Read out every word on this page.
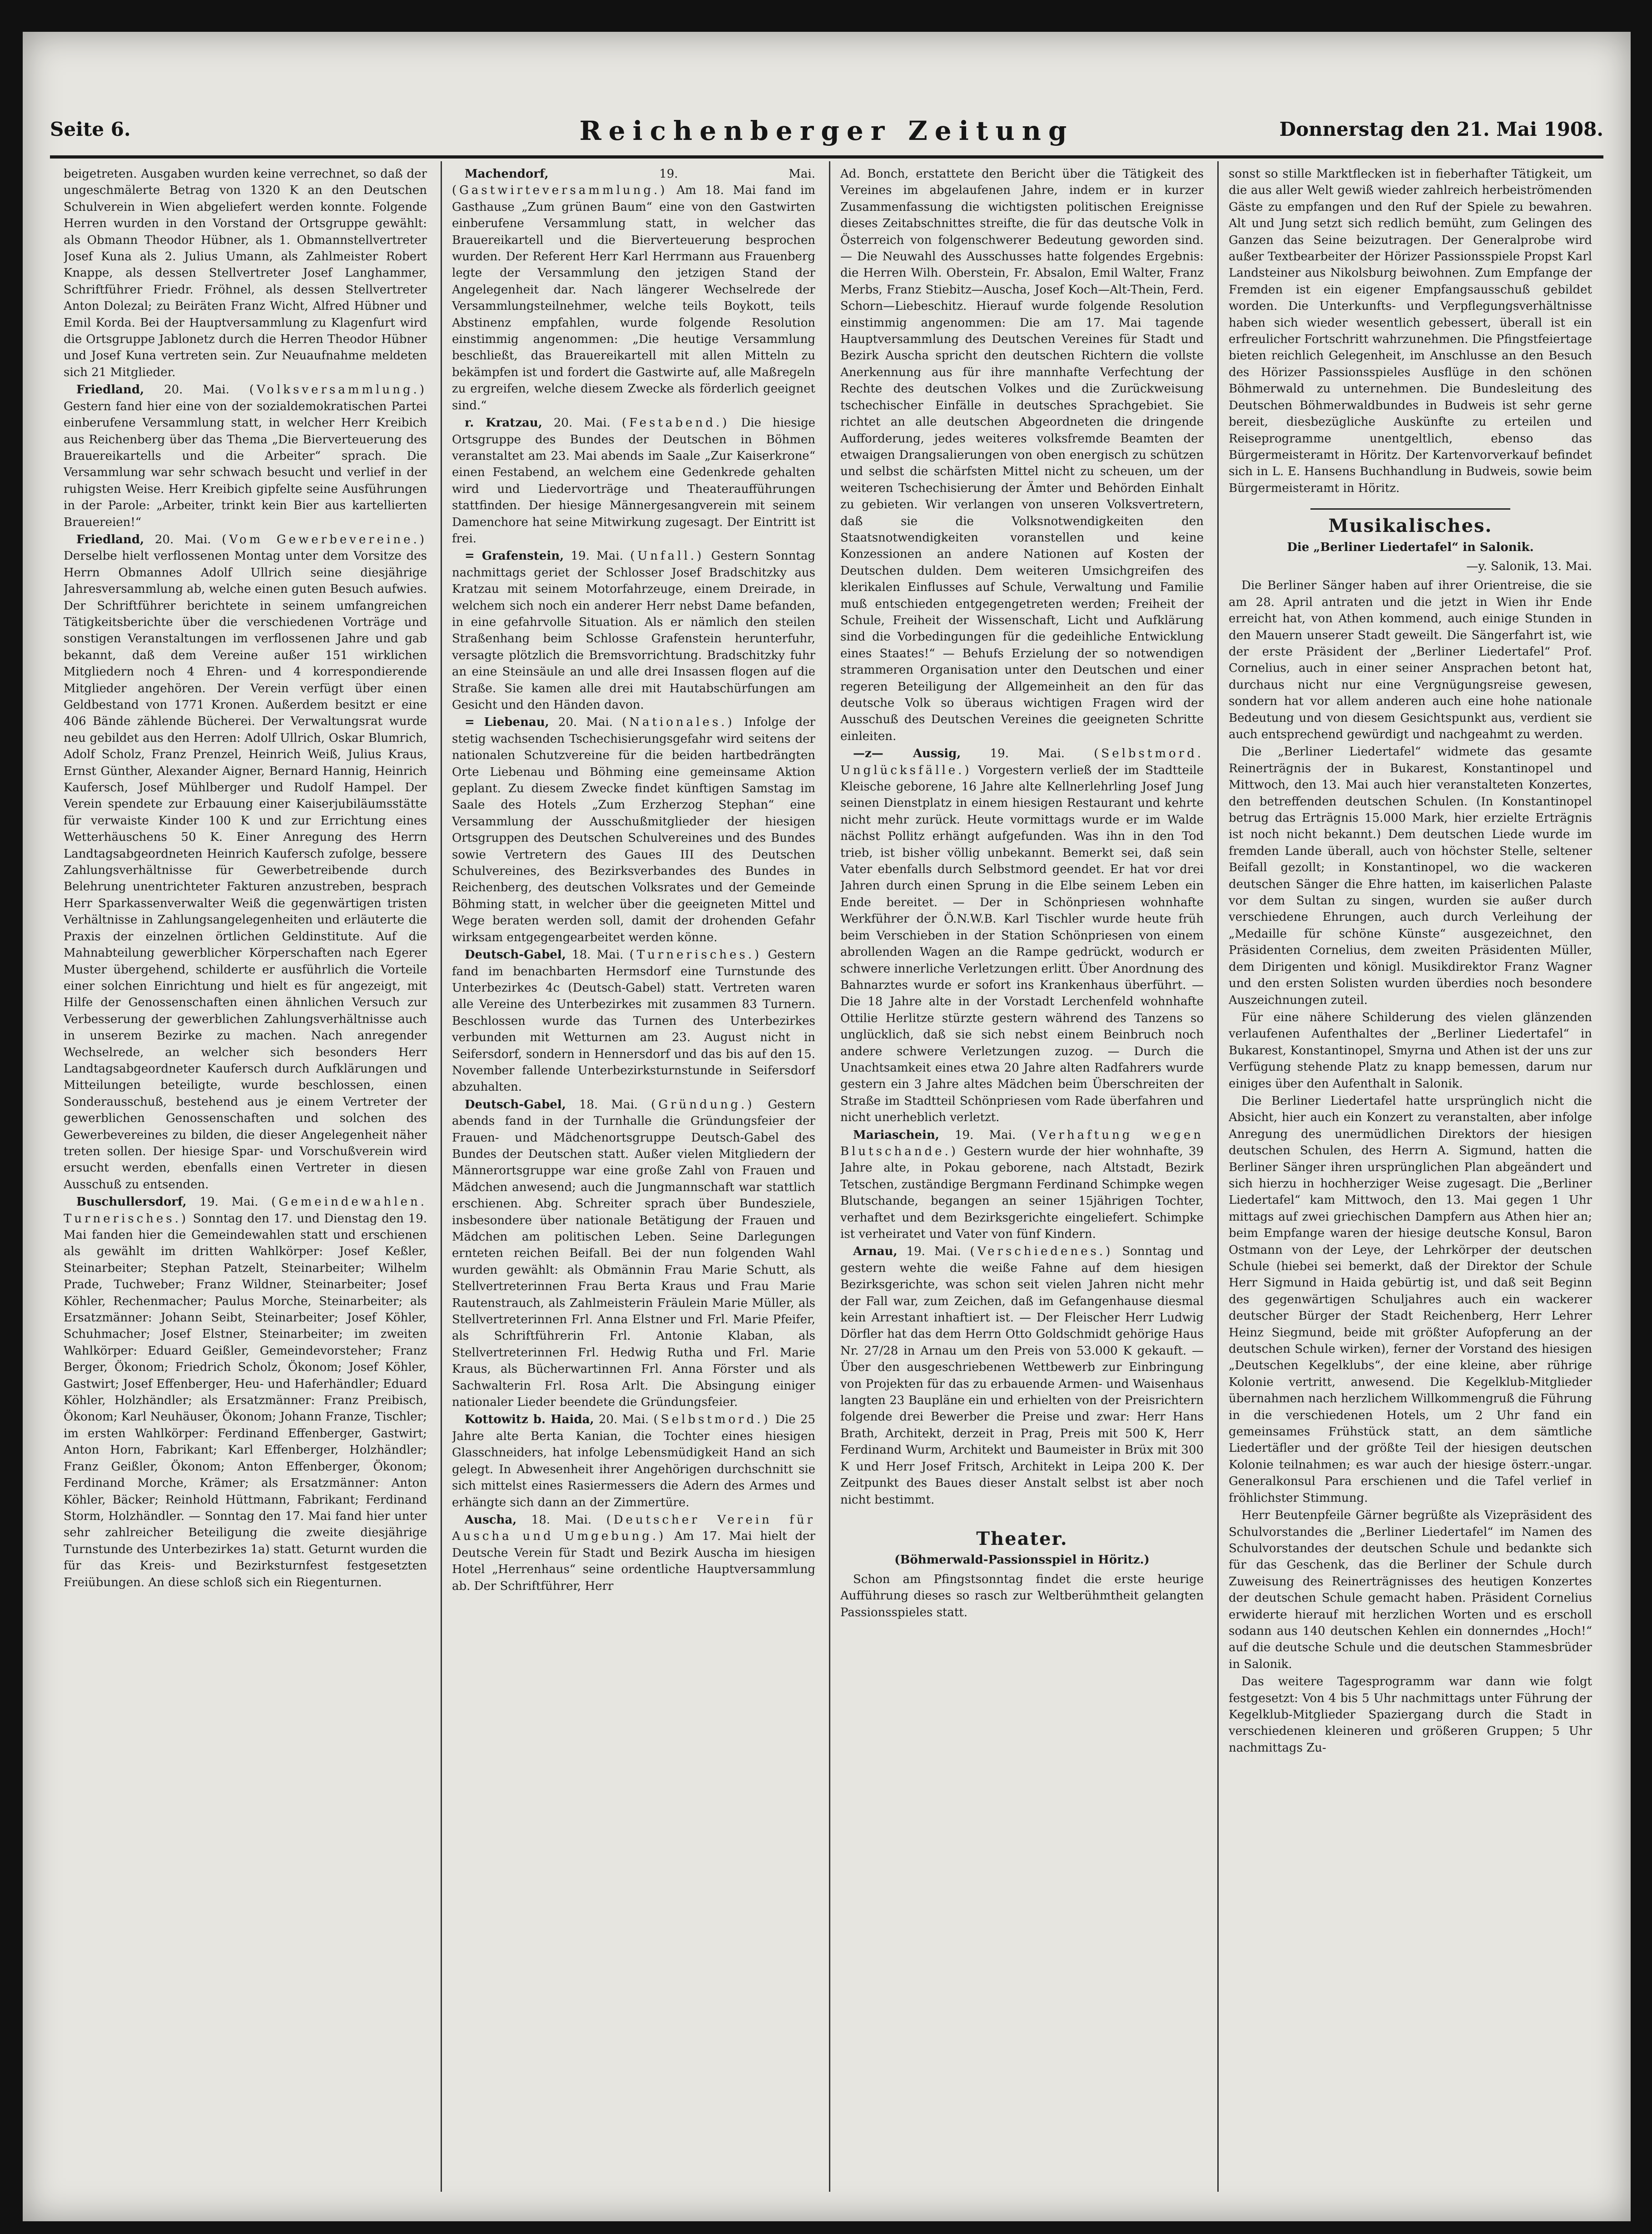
Seite 6.	Reichenberger Zeitung	Donnerstag den 21. Mai 1908.

beigetreten. Ausgaben wurden keine verrechnet, so daß der ungeschmälerte Betrag von 1320 K an den Deutschen Schulverein in Wien abgeliefert werden konnte. Folgende Herren wurden in den Vorstand der Ortsgruppe gewählt: als Obmann Theodor Hübner, als 1. Obmannstellvertreter Josef Kuna als 2. Julius Umann, als Zahlmeister Robert Knappe, als dessen Stellvertreter Josef Langhammer, Schriftführer Friedr. Fröhnel, als dessen Stellvertreter Anton Dolezal; zu Beiräten Franz Wicht, Alfred Hübner und Emil Korda. Bei der Hauptversammlung zu Klagenfurt wird die Ortsgruppe Jablonetz durch die Herren Theodor Hübner und Josef Kuna vertreten sein. Zur Neuaufnahme meldeten sich 21 Mitglieder.

Friedland, 20. Mai. (Volksversammlung.) Gestern fand hier eine von der sozialdemokratischen Partei einberufene Versammlung statt, in welcher Herr Kreibich aus Reichenberg über das Thema „Die Bierverteuerung des Brauereikartells und die Arbeiter“ sprach. Die Versammlung war sehr schwach besucht und verlief in der ruhigsten Weise. Herr Kreibich gipfelte seine Ausführungen in der Parole: „Arbeiter, trinkt kein Bier aus kartellierten Brauereien!“

Friedland, 20. Mai. (Vom Gewerbevereine.) Derselbe hielt verflossenen Montag unter dem Vorsitze des Herrn Obmannes Adolf Ullrich seine diesjährige Jahresversammlung ab, welche einen guten Besuch aufwies. Der Schriftführer berichtete in seinem umfangreichen Tätigkeitsberichte über die verschiedenen Vorträge und sonstigen Veranstaltungen im verflossenen Jahre und gab bekannt, daß dem Vereine außer 151 wirklichen Mitgliedern noch 4 Ehren- und 4 korrespondierende Mitglieder angehören. Der Verein verfügt über einen Geldbestand von 1771 Kronen. Außerdem besitzt er eine 406 Bände zählende Bücherei. Der Verwaltungsrat wurde neu gebildet aus den Herren: Adolf Ullrich, Oskar Blumrich, Adolf Scholz, Franz Prenzel, Heinrich Weiß, Julius Kraus, Ernst Günther, Alexander Aigner, Bernard Hannig, Heinrich Kaufersch, Josef Mühlberger und Rudolf Hampel. Der Verein spendete zur Erbauung einer Kaiserjubiläumsstätte für verwaiste Kinder 100 K und zur Errichtung eines Wetterhäuschens 50 K. Einer Anregung des Herrn Landtagsabgeordneten Heinrich Kaufersch zufolge, bessere Zahlungsverhältnisse für Gewerbetreibende durch Belehrung unentrichteter Fakturen anzustreben, besprach Herr Sparkassenverwalter Weiß die gegenwärtigen tristen Verhältnisse in Zahlungsangelegenheiten und erläuterte die Praxis der einzelnen örtlichen Geldinstitute. Auf die Mahnabteilung gewerblicher Körperschaften nach Egerer Muster übergehend, schilderte er ausführlich die Vorteile einer solchen Einrichtung und hielt es für angezeigt, mit Hilfe der Genossenschaften einen ähnlichen Versuch zur Verbesserung der gewerblichen Zahlungsverhältnisse auch in unserem Bezirke zu machen. Nach anregender Wechselrede, an welcher sich besonders Herr Landtagsabgeordneter Kaufersch durch Aufklärungen und Mitteilungen beteiligte, wurde beschlossen, einen Sonderausschuß, bestehend aus je einem Vertreter der gewerblichen Genossenschaften und solchen des Gewerbevereines zu bilden, die dieser Angelegenheit näher treten sollen. Der hiesige Spar- und Vorschußverein wird ersucht werden, ebenfalls einen Vertreter in diesen Ausschuß zu entsenden.

Buschullersdorf, 19. Mai. (Gemeindewahlen. Turnerisches.) Sonntag den 17. und Dienstag den 19. Mai fanden hier die Gemeindewahlen statt und erschienen als gewählt im dritten Wahlkörper: Josef Keßler, Steinarbeiter; Stephan Patzelt, Steinarbeiter; Wilhelm Prade, Tuchweber; Franz Wildner, Steinarbeiter; Josef Köhler, Rechenmacher; Paulus Morche, Steinarbeiter; als Ersatzmänner: Johann Seibt, Steinarbeiter; Josef Köhler, Schuhmacher; Josef Elstner, Steinarbeiter; im zweiten Wahlkörper: Eduard Geißler, Gemeindevorsteher; Franz Berger, Ökonom; Friedrich Scholz, Ökonom; Josef Köhler, Gastwirt; Josef Effenberger, Heu- und Haferhändler; Eduard Köhler, Holzhändler; als Ersatzmänner: Franz Preibisch, Ökonom; Karl Neuhäuser, Ökonom; Johann Franze, Tischler; im ersten Wahlkörper: Ferdinand Effenberger, Gastwirt; Anton Horn, Fabrikant; Karl Effenberger, Holzhändler; Franz Geißler, Ökonom; Anton Effenberger, Ökonom; Ferdinand Morche, Krämer; als Ersatzmänner: Anton Köhler, Bäcker; Reinhold Hüttmann, Fabrikant; Ferdinand Storm, Holzhändler. — Sonntag den 17. Mai fand hier unter sehr zahlreicher Beteiligung die zweite diesjährige Turnstunde des Unterbezirkes 1a) statt. Geturnt wurden die für das Kreis- und Bezirksturnfest festgesetzten Freiübungen. An diese schloß sich ein Riegenturnen.

Machendorf,	19. Mai. (Gastwirteversammlung.) Am 18. Mai fand im Gasthause „Zum grünen Baum“ eine von den Gastwirten einberufene Versammlung statt, in welcher das Brauereikartell und die Bierverteuerung besprochen wurden. Der Referent Herr Karl Herrmann aus Frauenberg legte der Versammlung den jetzigen Stand der Angelegenheit dar. Nach längerer Wechselrede der Versammlungsteilnehmer, welche teils Boykott, teils Abstinenz empfahlen, wurde folgende Resolution einstimmig angenommen: „Die heutige Versammlung beschließt, das Brauereikartell mit allen Mitteln zu bekämpfen ist und fordert die Gastwirte auf, alle Maßregeln zu ergreifen, welche diesem Zwecke als förderlich geeignet sind.“

r. Kratzau, 20. Mai. (Festabend.) Die hiesige Ortsgruppe des Bundes der Deutschen in Böhmen veranstaltet am 23. Mai abends im Saale „Zur Kaiserkrone“ einen Festabend, an welchem eine Gedenkrede gehalten wird und Liedervorträge und Theateraufführungen stattfinden. Der hiesige Männergesangverein mit seinem Damenchore hat seine Mitwirkung zugesagt. Der Eintritt ist frei.

= Grafenstein, 19. Mai. (Unfall.) Gestern Sonntag nachmittags geriet der Schlosser Josef Bradschitzky aus Kratzau mit seinem Motorfahrzeuge, einem Dreirade, in welchem sich noch ein anderer Herr nebst Dame befanden, in eine gefahrvolle Situation. Als er nämlich den steilen Straßenhang beim Schlosse Grafenstein herunterfuhr, versagte plötzlich die Bremsvorrichtung. Bradschitzky fuhr an eine Steinsäule an und alle drei Insassen flogen auf die Straße. Sie kamen alle drei mit Hautabschürfungen am Gesicht und den Händen davon.

= Liebenau, 20. Mai. (Nationales.) Infolge der stetig wachsenden Tschechisierungsgefahr wird seitens der nationalen Schutzvereine für die beiden hartbedrängten Orte Liebenau und Böhming eine gemeinsame Aktion geplant. Zu diesem Zwecke findet künftigen Samstag im Saale des Hotels „Zum Erzherzog Stephan“ eine Versammlung der Ausschußmitglieder der hiesigen Ortsgruppen des Deutschen Schulvereines und des Bundes sowie Vertretern des Gaues III des Deutschen Schulvereines, des Bezirksverbandes des Bundes in Reichenberg, des deutschen Volksrates und der Gemeinde Böhming statt, in welcher über die geeigneten Mittel und Wege beraten werden soll, damit der drohenden Gefahr wirksam entgegengearbeitet werden könne.

Deutsch-Gabel, 18. Mai. (Turnerisches.) Gestern fand im benachbarten Hermsdorf eine Turnstunde des Unterbezirkes 4c (Deutsch-Gabel) statt. Vertreten waren alle Vereine des Unterbezirkes mit zusammen 83 Turnern. Beschlossen wurde das Turnen des Unterbezirkes verbunden mit Wetturnen am 23. August nicht in Seifersdorf, sondern in Hennersdorf und das bis auf den 15. November fallende Unterbezirksturnstunde in Seifersdorf abzuhalten.

Deutsch-Gabel, 18. Mai. (Gründung.) Gestern abends fand in der Turnhalle die Gründungsfeier der Frauen- und Mädchenortsgruppe Deutsch-Gabel des Bundes der Deutschen statt. Außer vielen Mitgliedern der Männerortsgruppe war eine große Zahl von Frauen und Mädchen anwesend; auch die Jungmannschaft war stattlich erschienen. Abg. Schreiter sprach über Bundesziele, insbesondere über nationale Betätigung der Frauen und Mädchen am politischen Leben. Seine Darlegungen ernteten reichen Beifall. Bei der nun folgenden Wahl wurden gewählt: als Obmännin Frau Marie Schutt, als Stellvertreterinnen Frau Berta Kraus und Frau Marie Rautenstrauch, als Zahlmeisterin Fräulein Marie Müller, als Stellvertreterinnen Frl. Anna Elstner und Frl. Marie Pfeifer, als Schriftführerin Frl. Antonie Klaban, als Stellvertreterinnen Frl. Hedwig Rutha und Frl. Marie Kraus, als Bücherwartinnen Frl. Anna Förster und als Sachwalterin Frl. Rosa Arlt. Die Absingung einiger nationaler Lieder beendete die Gründungsfeier.

Kottowitz b. Haida, 20. Mai. (Selbstmord.) Die 25 Jahre alte Berta Kanian, die Tochter eines hiesigen Glasschneiders, hat infolge Lebensmüdigkeit Hand an sich gelegt. In Abwesenheit ihrer Angehörigen durchschnitt sie sich mittelst eines Rasiermessers die Adern des Armes und erhängte sich dann an der Zimmertüre.

Auscha, 18. Mai. (Deutscher Verein für Auscha und Umgebung.) Am 17. Mai hielt der Deutsche Verein für Stadt und Bezirk Auscha im hiesigen Hotel „Herrenhaus“ seine ordentliche Hauptversammlung ab. Der Schriftführer, Herr

Ad. Bonch, erstattete den Bericht über die Tätigkeit des Vereines im abgelaufenen Jahre, indem er in kurzer Zusammenfassung die wichtigsten politischen Ereignisse dieses Zeitabschnittes streifte, die für das deutsche Volk in Österreich von folgenschwerer Bedeutung geworden sind. — Die Neuwahl des Ausschusses hatte folgendes Ergebnis: die Herren Wilh. Oberstein, Fr. Absalon, Emil Walter, Franz Merbs, Franz Stiebitz—Auscha, Josef Koch—Alt-Thein, Ferd. Schorn—Liebeschitz. Hierauf wurde folgende Resolution einstimmig angenommen: Die am 17. Mai tagende Hauptversammlung des Deutschen Vereines für Stadt und Bezirk Auscha spricht den deutschen Richtern die vollste Anerkennung aus für ihre mannhafte Verfechtung der Rechte des deutschen Volkes und die Zurückweisung tschechischer Einfälle in deutsches Sprachgebiet. Sie richtet an alle deutschen Abgeordneten die dringende Aufforderung, jedes weiteres volksfremde Beamten der etwaigen Drangsalierungen von oben energisch zu schützen und selbst die schärfsten Mittel nicht zu scheuen, um der weiteren Tschechisierung der Ämter und Behörden Einhalt zu gebieten. Wir verlangen von unseren Volksvertretern, daß sie die Volksnotwendigkeiten den Staatsnotwendigkeiten voranstellen und keine Konzessionen an andere Nationen auf Kosten der Deutschen dulden. Dem weiteren Umsichgreifen des klerikalen Einflusses auf Schule, Verwaltung und Familie muß entschieden entgegengetreten werden; Freiheit der Schule, Freiheit der Wissenschaft, Licht und Aufklärung sind die Vorbedingungen für die gedeihliche Entwicklung eines Staates!“ — Behufs Erzielung der so notwendigen strammeren Organisation unter den Deutschen und einer regeren Beteiligung der Allgemeinheit an den für das deutsche Volk so überaus wichtigen Fragen wird der Ausschuß des Deutschen Vereines die geeigneten Schritte einleiten.

—z— Aussig, 19. Mai. (Selbstmord. Unglücksfälle.) Vorgestern verließ der im Stadtteile Kleische geborene, 16 Jahre alte Kellnerlehrling Josef Jung seinen Dienstplatz in einem hiesigen Restaurant und kehrte nicht mehr zurück. Heute vormittags wurde er im Walde nächst Pollitz erhängt aufgefunden. Was ihn in den Tod trieb, ist bisher völlig unbekannt. Bemerkt sei, daß sein Vater ebenfalls durch Selbstmord geendet. Er hat vor drei Jahren durch einen Sprung in die Elbe seinem Leben ein Ende bereitet. — Der in Schönpriesen wohnhafte Werkführer der Ö.N.W.B. Karl Tischler wurde heute früh beim Verschieben in der Station Schönpriesen von einem abrollenden Wagen an die Rampe gedrückt, wodurch er schwere innerliche Verletzungen erlitt. Über Anordnung des Bahnarztes wurde er sofort ins Krankenhaus überführt. — Die 18 Jahre alte in der Vorstadt Lerchenfeld wohnhafte Ottilie Herlitze stürzte gestern während des Tanzens so unglücklich, daß sie sich nebst einem Beinbruch noch andere schwere Verletzungen zuzog. — Durch die Unachtsamkeit eines etwa 20 Jahre alten Radfahrers wurde gestern ein 3 Jahre altes Mädchen beim Überschreiten der Straße im Stadtteil Schönpriesen vom Rade überfahren und nicht unerheblich verletzt.

Mariaschein, 19. Mai. (Verhaftung wegen Blutschande.) Gestern wurde der hier wohnhafte, 39 Jahre alte, in Pokau geborene, nach Altstadt, Bezirk Tetschen, zuständige Bergmann Ferdinand Schimpke wegen Blutschande, begangen an seiner 15jährigen Tochter, verhaftet und dem Bezirksgerichte eingeliefert. Schimpke ist verheiratet und Vater von fünf Kindern.

Arnau, 19. Mai. (Verschiedenes.) Sonntag und gestern wehte die weiße Fahne auf dem hiesigen Bezirksgerichte, was schon seit vielen Jahren nicht mehr der Fall war, zum Zeichen, daß im Gefangenhause diesmal kein Arrestant inhaftiert ist. — Der Fleischer Herr Ludwig Dörfler hat das dem Herrn Otto Goldschmidt gehörige Haus Nr. 27/28 in Arnau um den Preis von 53.000 K gekauft. — Über den ausgeschriebenen Wettbewerb zur Einbringung von Projekten für das zu erbauende Armen- und Waisenhaus langten 23 Baupläne ein und erhielten von der Preisrichtern folgende drei Bewerber die Preise und zwar: Herr Hans Brath, Architekt, derzeit in Prag, Preis mit 500 K, Herr Ferdinand Wurm, Architekt und Baumeister in Brüx mit 300 K und Herr Josef Fritsch, Architekt in Leipa 200 K. Der Zeitpunkt des Baues dieser Anstalt selbst ist aber noch nicht bestimmt.

Theater.
(Böhmerwald-Passionsspiel in Höritz.)

Schon am Pfingstsonntag findet die erste heurige Aufführung dieses so rasch zur Weltberühmtheit gelangten Passionsspieles statt.

sonst so stille Marktflecken ist in fieberhafter Tätigkeit, um die aus aller Welt gewiß wieder zahlreich herbeiströmenden Gäste zu empfangen und den Ruf der Spiele zu bewahren. Alt und Jung setzt sich redlich bemüht, zum Gelingen des Ganzen das Seine beizutragen. Der Generalprobe wird außer Textbearbeiter der Hörizer Passionsspiele Propst Karl Landsteiner aus Nikolsburg beiwohnen. Zum Empfange der Fremden ist ein eigener Empfangsausschuß gebildet worden. Die Unterkunfts- und Verpflegungsverhältnisse haben sich wieder wesentlich gebessert, überall ist ein erfreulicher Fortschritt wahrzunehmen. Die Pfingstfeiertage bieten reichlich Gelegenheit, im Anschlusse an den Besuch des Hörizer Passionsspieles Ausflüge in den schönen Böhmerwald zu unternehmen. Die Bundesleitung des Deutschen Böhmerwaldbundes in Budweis ist sehr gerne bereit, diesbezügliche Auskünfte zu erteilen und Reiseprogramme unentgeltlich, ebenso das Bürgermeisteramt in Höritz. Der Kartenvorverkauf befindet sich in L. E. Hansens Buchhandlung in Budweis, sowie beim Bürgermeisteramt in Höritz.

Musikalisches.
Die „Berliner Liedertafel“ in Salonik.
—y. Salonik, 13. Mai.

Die Berliner Sänger haben auf ihrer Orientreise, die sie am 28. April antraten und die jetzt in Wien ihr Ende erreicht hat, von Athen kommend, auch einige Stunden in den Mauern unserer Stadt geweilt. Die Sängerfahrt ist, wie der erste Präsident der „Berliner Liedertafel“ Prof. Cornelius, auch in einer seiner Ansprachen betont hat, durchaus nicht nur eine Vergnügungsreise gewesen, sondern hat vor allem anderen auch eine hohe nationale Bedeutung und von diesem Gesichtspunkt aus, verdient sie auch entsprechend gewürdigt und nachgeahmt zu werden.

Die „Berliner Liedertafel“ widmete das gesamte Reinerträgnis der in Bukarest, Konstantinopel und Mittwoch, den 13. Mai auch hier veranstalteten Konzertes, den betreffenden deutschen Schulen. (In Konstantinopel betrug das Erträgnis 15.000 Mark, hier erzielte Erträgnis ist noch nicht bekannt.) Dem deutschen Liede wurde im fremden Lande überall, auch von höchster Stelle, seltener Beifall gezollt; in Konstantinopel, wo die wackeren deutschen Sänger die Ehre hatten, im kaiserlichen Palaste vor dem Sultan zu singen, wurden sie außer durch verschiedene Ehrungen, auch durch Verleihung der „Medaille für schöne Künste“ ausgezeichnet, den Präsidenten Cornelius, dem zweiten Präsidenten Müller, dem Dirigenten und königl. Musikdirektor Franz Wagner und den ersten Solisten wurden überdies noch besondere Auszeichnungen zuteil.

Für eine nähere Schilderung des vielen glänzenden verlaufenen Aufenthaltes der „Berliner Liedertafel“ in Bukarest, Konstantinopel, Smyrna und Athen ist der uns zur Verfügung stehende Platz zu knapp bemessen, darum nur einiges über den Aufenthalt in Salonik.

Die Berliner Liedertafel hatte ursprünglich nicht die Absicht, hier auch ein Konzert zu veranstalten, aber infolge Anregung des unermüdlichen Direktors der hiesigen deutschen Schulen, des Herrn A. Sigmund, hatten die Berliner Sänger ihren ursprünglichen Plan abgeändert und sich hierzu in hochherziger Weise zugesagt. Die „Berliner Liedertafel“ kam Mittwoch, den 13. Mai gegen 1 Uhr mittags auf zwei griechischen Dampfern aus Athen hier an; beim Empfange waren der hiesige deutsche Konsul, Baron Ostmann von der Leye, der Lehrkörper der deutschen Schule (hiebei sei bemerkt, daß der Direktor der Schule Herr Sigmund in Haida gebürtig ist, und daß seit Beginn des gegenwärtigen Schuljahres auch ein wackerer deutscher Bürger der Stadt Reichenberg, Herr Lehrer Heinz Siegmund, beide mit größter Aufopferung an der deutschen Schule wirken), ferner der Vorstand des hiesigen „Deutschen Kegelklubs“, der eine kleine, aber rührige Kolonie vertritt, anwesend. Die Kegelklub-Mitglieder übernahmen nach herzlichem Willkommengruß die Führung in die verschiedenen Hotels, um 2 Uhr fand ein gemeinsames Frühstück statt, an dem sämtliche Liedertäfler und der größte Teil der hiesigen deutschen Kolonie teilnahmen; es war auch der hiesige österr.-ungar. Generalkonsul Para erschienen und die Tafel verlief in fröhlichster Stimmung.

Herr Beutenpfeile Gärner begrüßte als Vizepräsident des Schulvorstandes die „Berliner Liedertafel“ im Namen des Schulvorstandes der deutschen Schule und bedankte sich für das Geschenk, das die Berliner der Schule durch Zuweisung des Reinerträgnisses des heutigen Konzertes der deutschen Schule gemacht haben. Präsident Cornelius erwiderte hierauf mit herzlichen Worten und es erscholl sodann aus 140 deutschen Kehlen ein donnerndes „Hoch!“ auf die deutsche Schule und die deutschen Stammesbrüder in Salonik.

Das weitere Tagesprogramm war dann wie folgt festgesetzt: Von 4 bis 5 Uhr nachmittags unter Führung der Kegelklub-Mitglieder Spaziergang durch die Stadt in verschiedenen kleineren und größeren Gruppen; 5 Uhr nachmittags Zu-
